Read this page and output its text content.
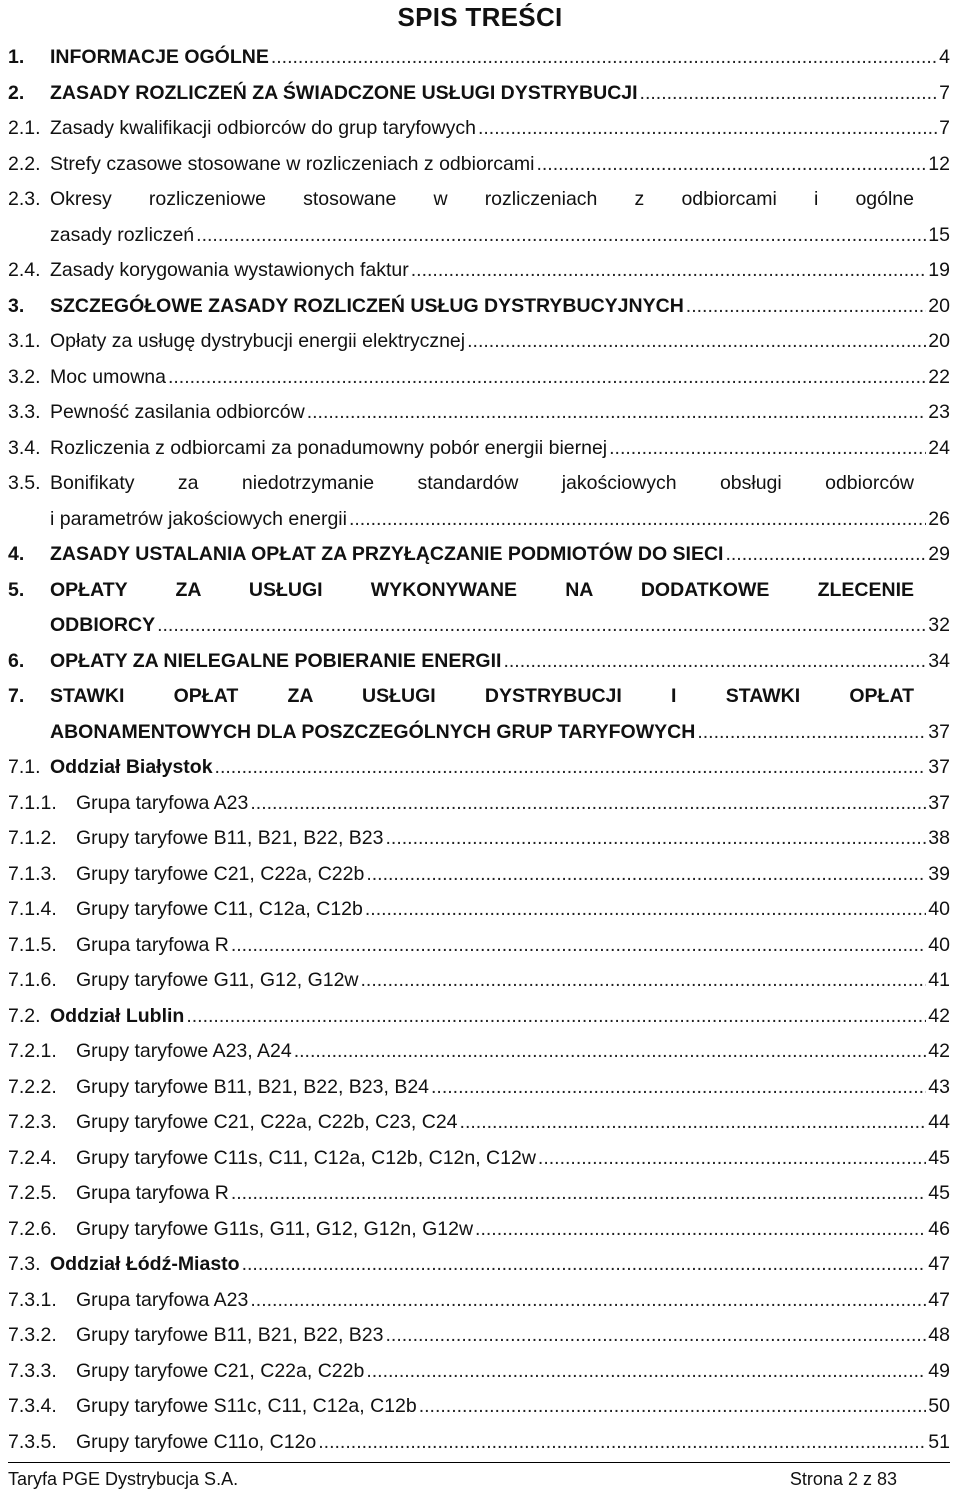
SPIS TREŚCI
1. INFORMACJE OGÓLNE .....	4
2. ZASADY ROZLICZEŃ ZA ŚWIADCZONE USŁUGI DYSTRYBUCJI .....	7
2.1. Zasady kwalifikacji odbiorców do grup taryfowych .....	7
2.2. Strefy czasowe stosowane w rozliczeniach z odbiorcami .....	12
2.3. Okresy rozliczeniowe stosowane w rozliczeniach z odbiorcami i ogólne
zasady rozliczeń .....	15
2.4. Zasady korygowania wystawionych faktur .....	19
3. SZCZEGÓŁOWE ZASADY ROZLICZEŃ USŁUG DYSTRYBUCYJNYCH .....	20
3.1. Opłaty za usługę dystrybucji energii elektrycznej .....	20
3.2. Moc umowna .....	22
3.3. Pewność zasilania odbiorców .....	23
3.4. Rozliczenia z odbiorcami za ponadumowny pobór energii biernej .....	24
3.5. Bonifikaty za niedotrzymanie standardów jakościowych obsługi odbiorców
i parametrów jakościowych energii .....	26
4. ZASADY USTALANIA OPŁAT ZA PRZYŁĄCZANIE PODMIOTÓW DO SIECI .....	29
5. OPŁATY ZA USŁUGI WYKONYWANE NA DODATKOWE ZLECENIE
ODBIORCY .....	32
6. OPŁATY ZA NIELEGALNE POBIERANIE ENERGII .....	34
7. STAWKI OPŁAT ZA USŁUGI DYSTRYBUCJI I STAWKI OPŁAT
ABONAMENTOWYCH DLA POSZCZEGÓLNYCH GRUP TARYFOWYCH .....	37
7.1. Oddział Białystok .....	37
7.1.1. Grupa taryfowa A23 .....	37
7.1.2. Grupy taryfowe B11, B21, B22, B23 .....	38
7.1.3. Grupy taryfowe C21, C22a, C22b .....	39
7.1.4. Grupy taryfowe C11, C12a, C12b .....	40
7.1.5. Grupa taryfowa R .....	40
7.1.6. Grupy taryfowe G11, G12, G12w .....	41
7.2. Oddział Lublin .....	42
7.2.1. Grupy taryfowe A23, A24 .....	42
7.2.2. Grupy taryfowe B11, B21, B22, B23, B24 .....	43
7.2.3. Grupy taryfowe C21, C22a, C22b, C23, C24 .....	44
7.2.4. Grupy taryfowe C11s, C11, C12a, C12b, C12n, C12w .....	45
7.2.5. Grupa taryfowa R .....	45
7.2.6. Grupy taryfowe G11s, G11, G12, G12n, G12w .....	46
7.3. Oddział Łódź-Miasto .....	47
7.3.1. Grupa taryfowa A23 .....	47
7.3.2. Grupy taryfowe B11, B21, B22, B23 .....	48
7.3.3. Grupy taryfowe C21, C22a, C22b .....	49
7.3.4. Grupy taryfowe S11c, C11, C12a, C12b .....	50
7.3.5. Grupy taryfowe C11o, C12o .....	51
Taryfa PGE Dystrybucja S.A.	Strona 2 z 83
